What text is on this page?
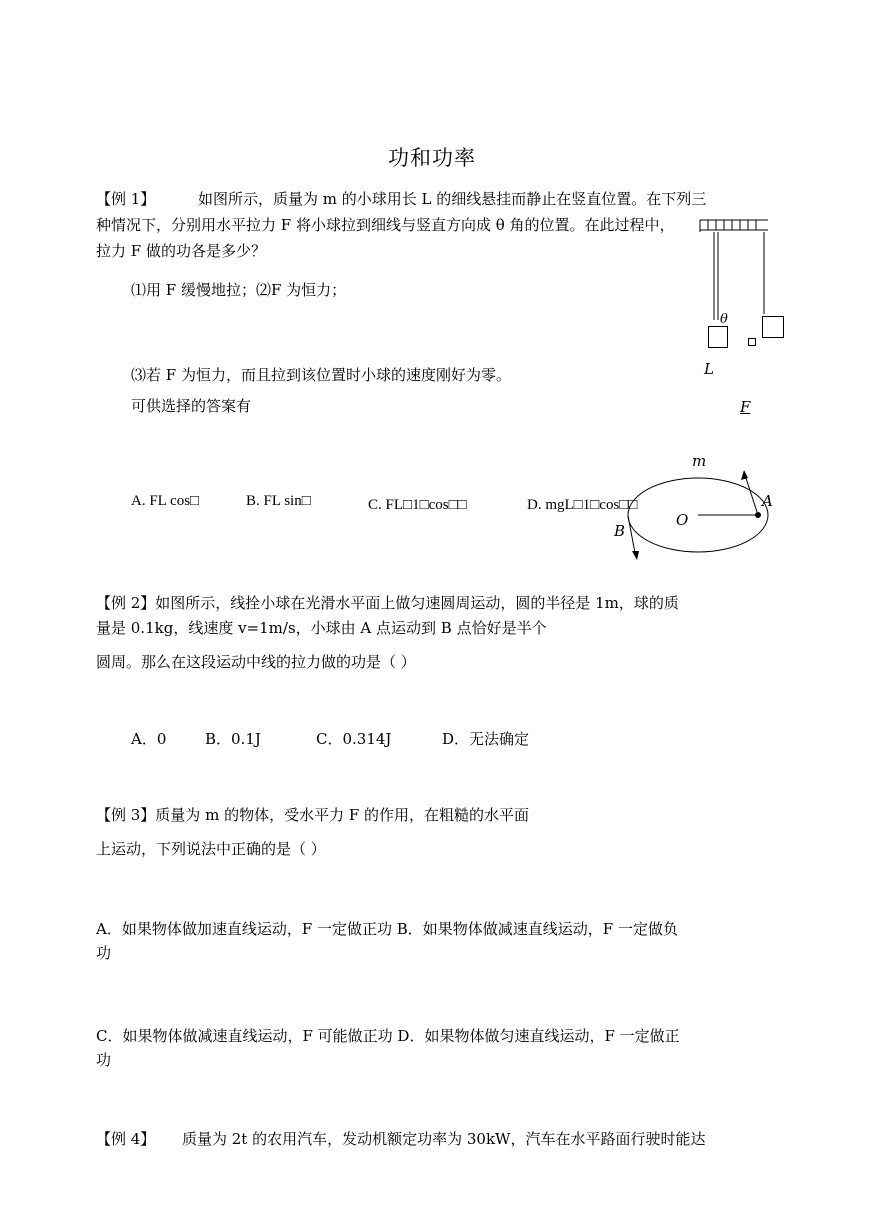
功和功率
【例 1】	如图所示，质量为 m 的小球用长 L 的细线悬挂而静止在竖直位置。在下列三
种情况下，分别用水平拉力 F 将小球拉到细线与竖直方向成 θ 角的位置。在此过程中，
拉力 F 做的功各是多少？
⑴用 F 缓慢地拉；⑵F 为恒力；
⑶若 F 为恒力，而且拉到该位置时小球的速度刚好为零。
可供选择的答案有
A. FL cos□	B. FL sin□	C. FL□1□cos□□	D. mgL□1□cos□□
θ
L
F
m
A
B
O
【例 2】如图所示，线拴小球在光滑水平面上做匀速圆周运动，圆的半径是 1m，球的质
量是 0.1kg，线速度 v=1m/s，小球由 A 点运动到 B 点恰好是半个
圆周。那么在这段运动中线的拉力做的功是（ ）
A．0	B．0.1J	C．0.314J	D．无法确定
【例 3】质量为 m 的物体，受水平力 F 的作用，在粗糙的水平面
上运动，下列说法中正确的是（ ）
A．如果物体做加速直线运动，F 一定做正功 B．如果物体做减速直线运动，F 一定做负
功
C．如果物体做减速直线运动，F 可能做正功 D．如果物体做匀速直线运动，F 一定做正
功
【例 4】 质量为 2t 的农用汽车，发动机额定功率为 30kW，汽车在水平路面行驶时能达
